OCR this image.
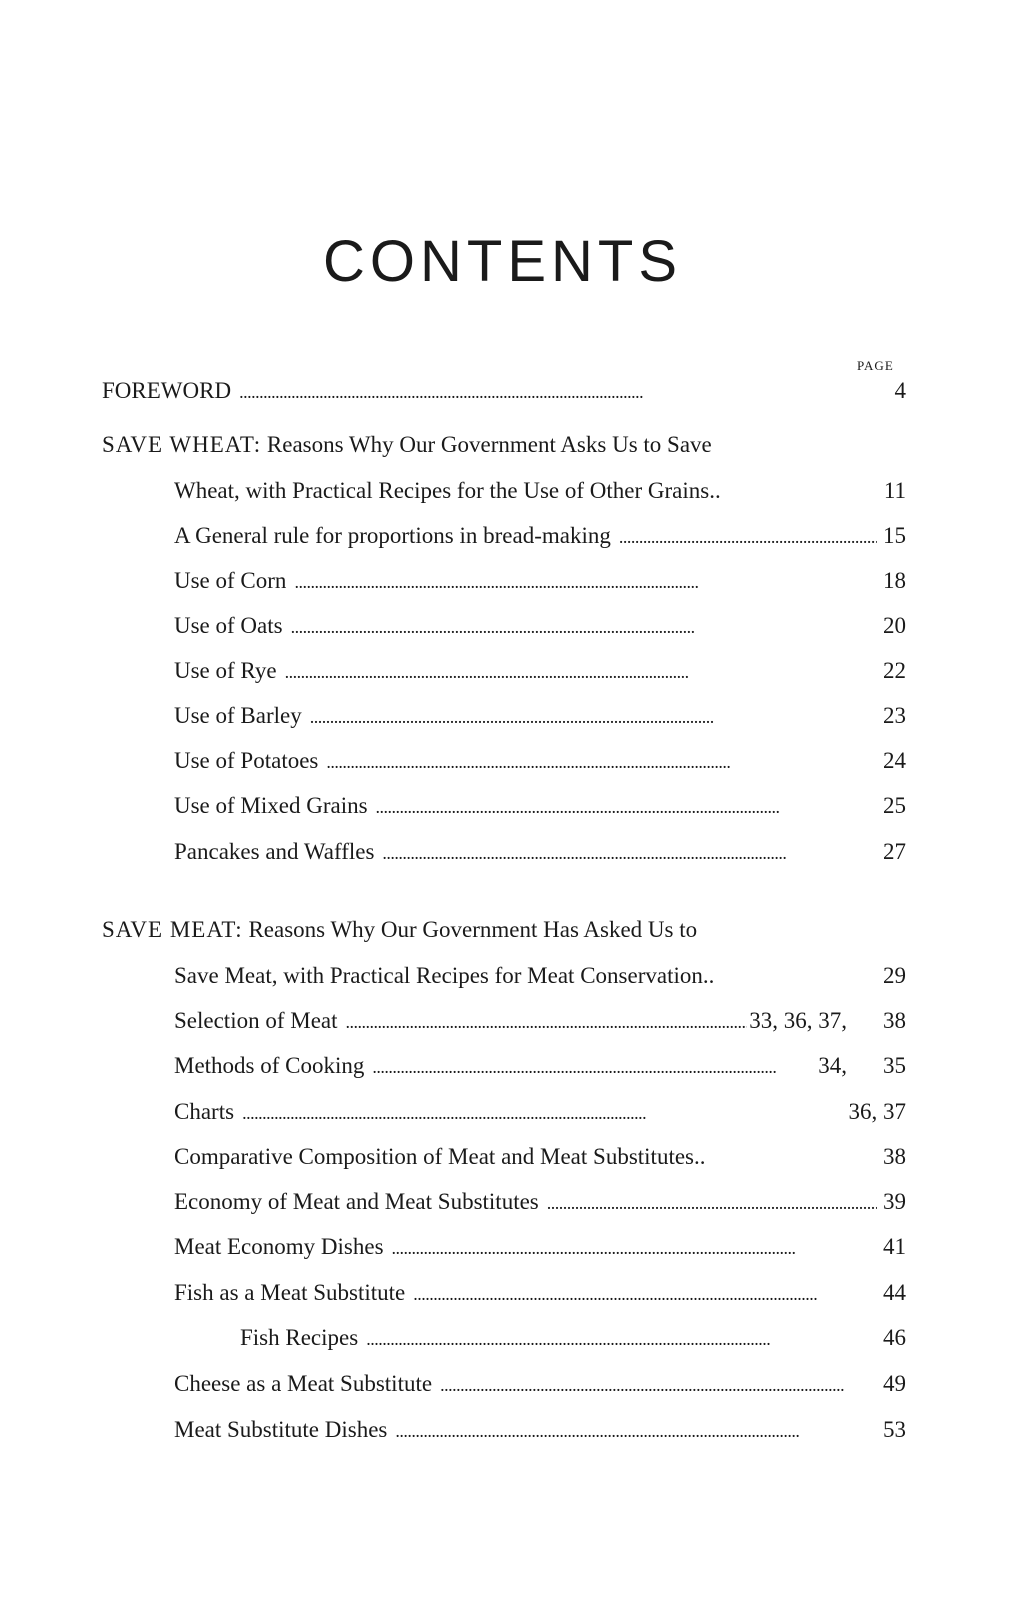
CONTENTS
PAGE
FOREWORD . . .	4
SAVE WHEAT: Reasons Why Our Government Asks Us to Save
Wheat, with Practical Recipes for the Use of Other Grains..	11
A General rule for proportions in bread-making . . .	15
Use of Corn . . .	18
Use of Oats . . .	20
Use of Rye . . .	22
Use of Barley . . .	23
Use of Potatoes . . .	24
Use of Mixed Grains . . .	25
Pancakes and Waffles . . .	27
SAVE MEAT: Reasons Why Our Government Has Asked Us to
Save Meat, with Practical Recipes for Meat Conservation..	29
Selection of Meat . . .	33, 36, 37, 38
Methods of Cooking . . .	34, 35
Charts . . .	36, 37
Comparative Composition of Meat and Meat Substitutes..	38
Economy of Meat and Meat Substitutes . . .	39
Meat Economy Dishes . . .	41
Fish as a Meat Substitute . . .	44
Fish Recipes . . .	46
Cheese as a Meat Substitute . . .	49
Meat Substitute Dishes . . .	53
